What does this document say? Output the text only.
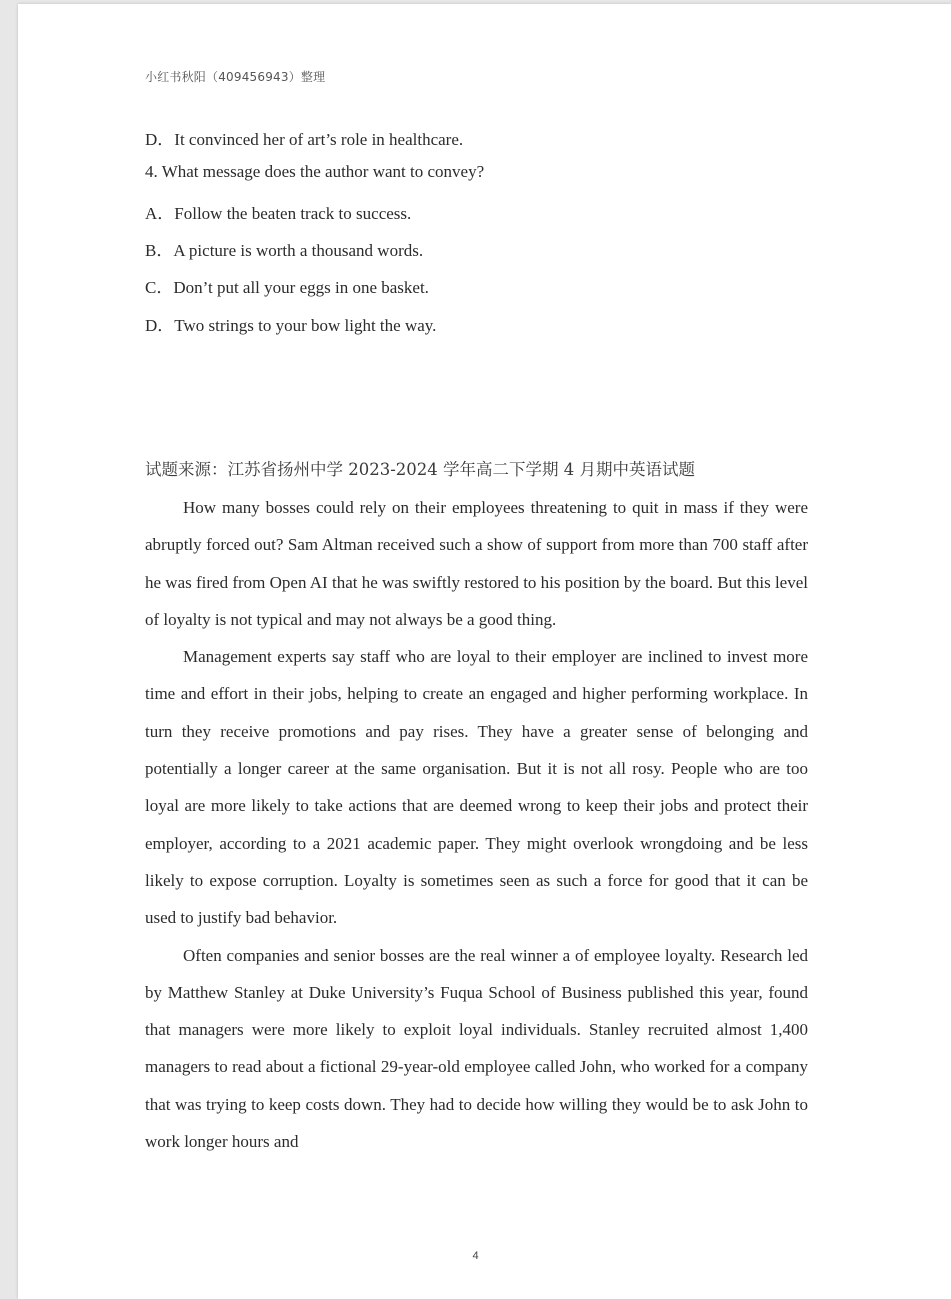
小红书秋阳（409456943）整理
D．It convinced her of art’s role in healthcare.
4. What message does the author want to convey?
A．Follow the beaten track to success.
B．A picture is worth a thousand words.
C．Don’t put all your eggs in one basket.
D．Two strings to your bow light the way.
试题来源：江苏省扬州中学 2023-2024 学年高二下学期 4 月期中英语试题

How many bosses could rely on their employees threatening to quit in mass if they were abruptly forced out? Sam Altman received such a show of support from more than 700 staff after he was fired from Open AI that he was swiftly restored to his position by the board. But this level of loyalty is not typical and may not always be a good thing.

Management experts say staff who are loyal to their employer are inclined to invest more time and effort in their jobs, helping to create an engaged and higher performing workplace. In turn they receive promotions and pay rises. They have a greater sense of belonging and potentially a longer career at the same organisation. But it is not all rosy. People who are too loyal are more likely to take actions that are deemed wrong to keep their jobs and protect their employer, according to a 2021 academic paper. They might overlook wrongdoing and be less likely to expose corruption. Loyalty is sometimes seen as such a force for good that it can be used to justify bad behavior.

Often companies and senior bosses are the real winner a of employee loyalty. Research led by Matthew Stanley at Duke University’s Fuqua School of Business published this year, found that managers were more likely to exploit loyal individuals. Stanley recruited almost 1,400 managers to read about a fictional 29-year-old employee called John, who worked for a company that was trying to keep costs down. They had to decide how willing they would be to ask John to work longer hours and

4
